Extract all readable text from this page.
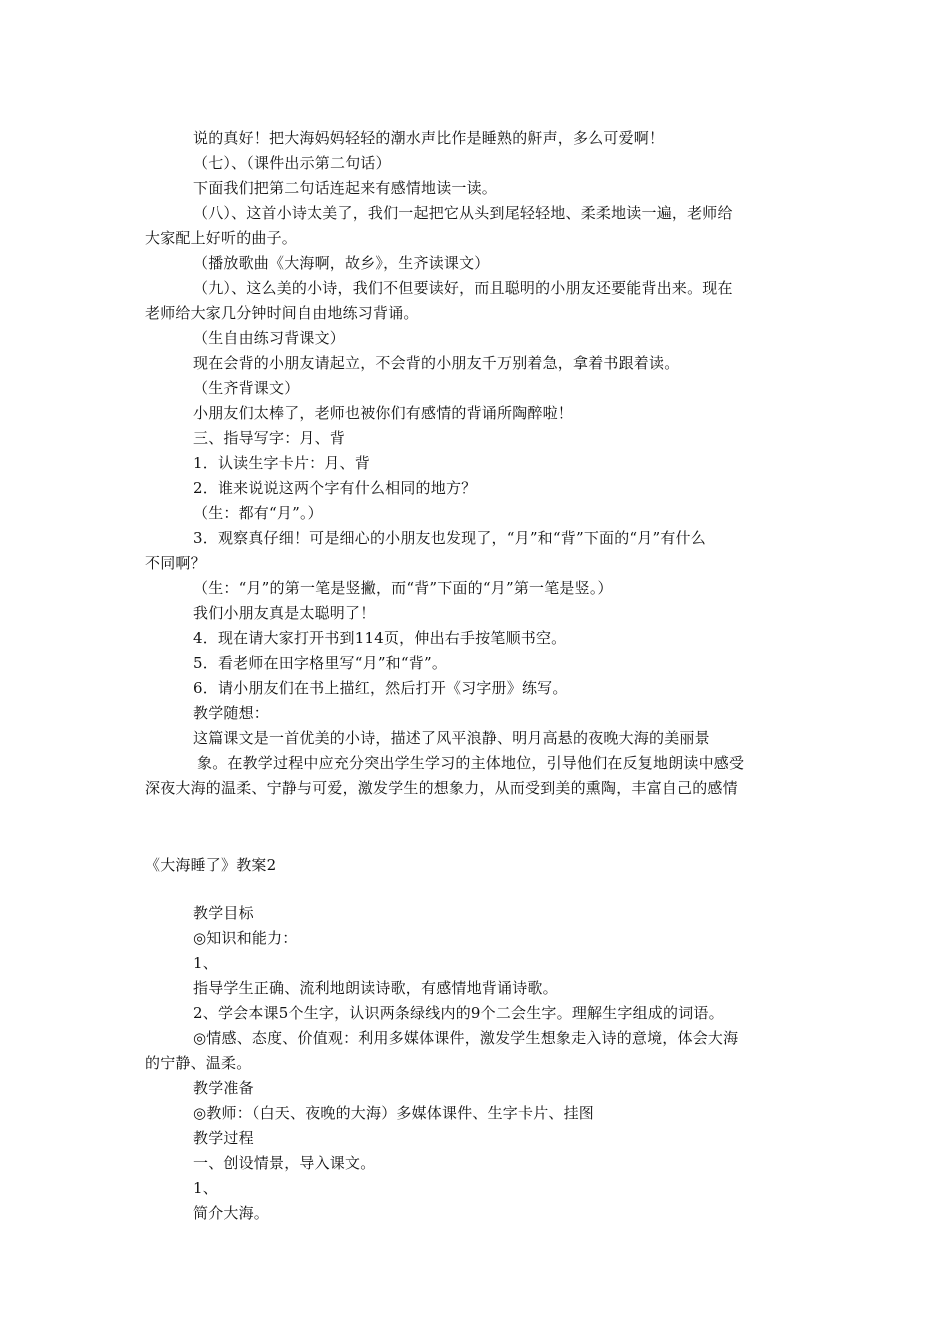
说的真好！把大海妈妈轻轻的潮水声比作是睡熟的鼾声，多么可爱啊！
（七）、（课件出示第二句话）
下面我们把第二句话连起来有感情地读一读。
（八）、这首小诗太美了，我们一起把它从头到尾轻轻地、柔柔地读一遍，老师给
大家配上好听的曲子。
（播放歌曲《大海啊，故乡》，生齐读课文）
（九）、这么美的小诗，我们不但要读好，而且聪明的小朋友还要能背出来。现在
老师给大家几分钟时间自由地练习背诵。
（生自由练习背课文）
现在会背的小朋友请起立，不会背的小朋友千万别着急，拿着书跟着读。
（生齐背课文）
小朋友们太棒了，老师也被你们有感情的背诵所陶醉啦！
三、指导写字：月、背
1．认读生字卡片：月、背
2．谁来说说这两个字有什么相同的地方？
（生：都有“月”。）
3．观察真仔细！可是细心的小朋友也发现了，“月”和“背”下面的“月”有什么
不同啊？
（生：“月”的第一笔是竖撇，而“背”下面的“月”第一笔是竖。）
我们小朋友真是太聪明了！
4．现在请大家打开书到114页，伸出右手按笔顺书空。
5．看老师在田字格里写“月”和“背”。
6．请小朋友们在书上描红，然后打开《习字册》练写。
教学随想：
这篇课文是一首优美的小诗，描述了风平浪静、明月高悬的夜晚大海的美丽景
象。在教学过程中应充分突出学生学习的主体地位，引导他们在反复地朗读中感受
深夜大海的温柔、宁静与可爱，激发学生的想象力，从而受到美的熏陶，丰富自己的感情
《大海睡了》教案2
教学目标
◎知识和能力：
1、
指导学生正确、流利地朗读诗歌，有感情地背诵诗歌。
2、学会本课5个生字，认识两条绿线内的9个二会生字。理解生字组成的词语。
◎情感、态度、价值观：利用多媒体课件，激发学生想象走入诗的意境，体会大海
的宁静、温柔。
教学准备
◎教师：（白天、夜晚的大海）多媒体课件、生字卡片、挂图
教学过程
一、创设情景，导入课文。
1、
简介大海。
